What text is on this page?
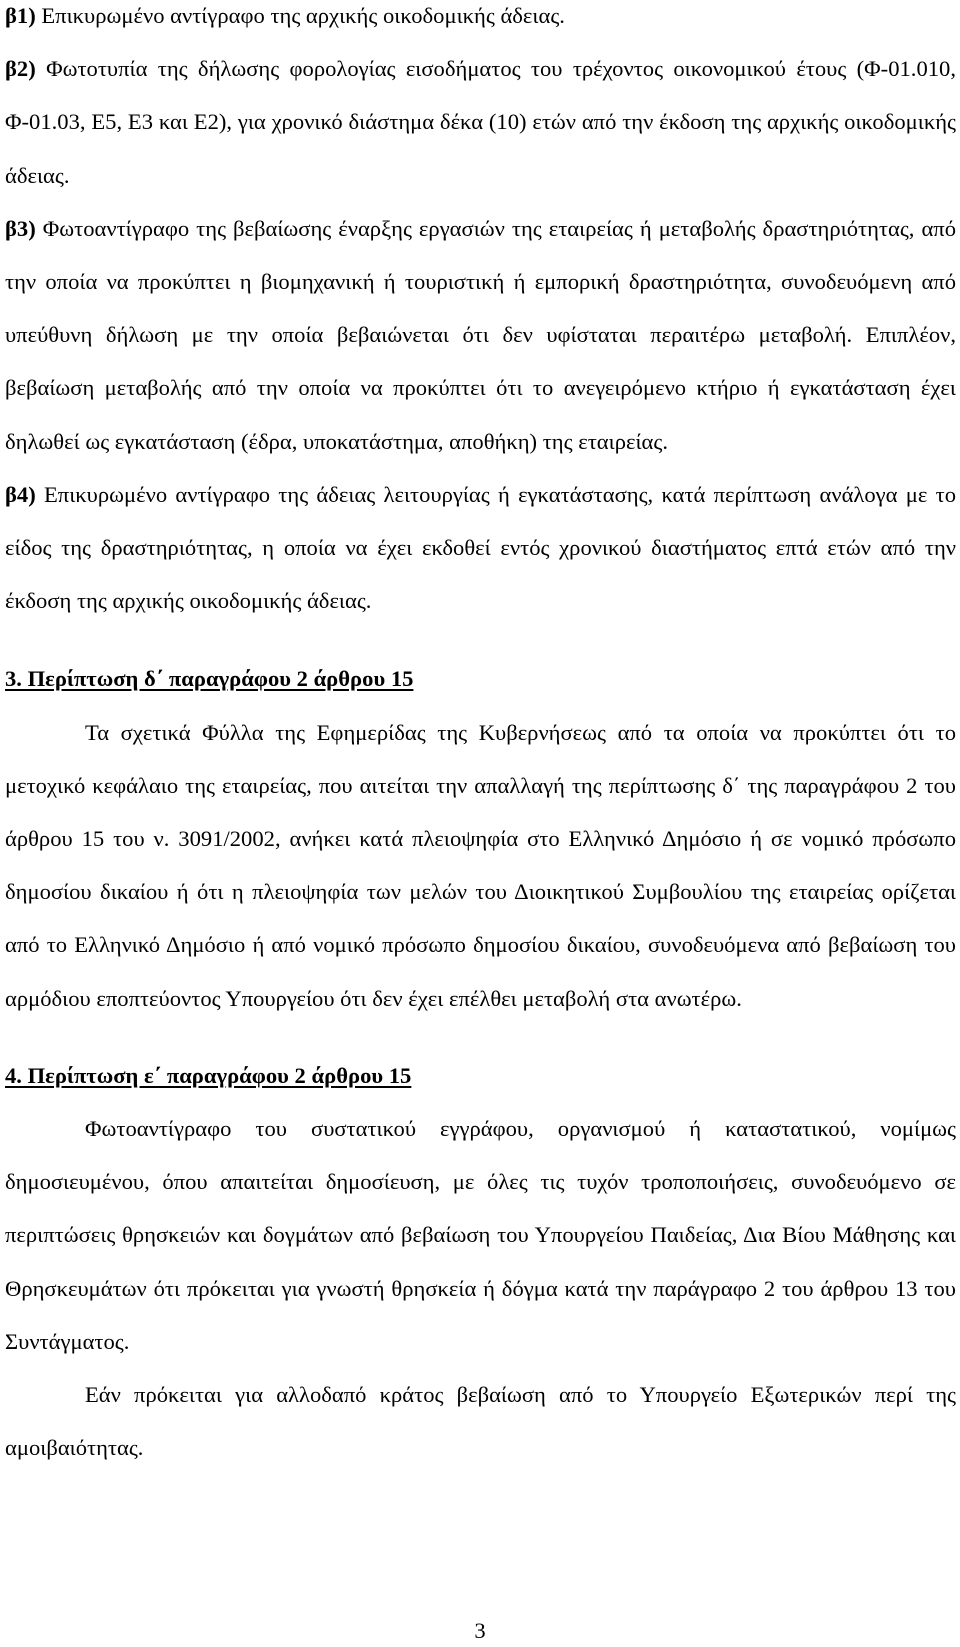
β1) Επικυρωμένο αντίγραφο της αρχικής οικοδομικής άδειας.

β2) Φωτοτυπία της δήλωσης φορολογίας εισοδήματος του τρέχοντος οικονομικού έτους (Φ-01.010, Φ-01.03, Ε5, Ε3 και Ε2), για χρονικό διάστημα δέκα (10) ετών από την έκδοση της αρχικής οικοδομικής άδειας.

β3) Φωτοαντίγραφο της βεβαίωσης έναρξης εργασιών της εταιρείας ή μεταβολής δραστηριότητας, από την οποία να προκύπτει η βιομηχανική ή τουριστική ή εμπορική δραστηριότητα, συνοδευόμενη από υπεύθυνη δήλωση με την οποία βεβαιώνεται ότι δεν υφίσταται περαιτέρω μεταβολή. Επιπλέον, βεβαίωση μεταβολής από την οποία να προκύπτει ότι το ανεγειρόμενο κτήριο ή εγκατάσταση έχει δηλωθεί ως εγκατάσταση (έδρα, υποκατάστημα, αποθήκη) της εταιρείας.

β4) Επικυρωμένο αντίγραφο της άδειας λειτουργίας ή εγκατάστασης, κατά περίπτωση ανάλογα με το είδος της δραστηριότητας, η οποία να έχει εκδοθεί εντός χρονικού διαστήματος επτά ετών από την έκδοση της αρχικής οικοδομικής άδειας.

3. Περίπτωση δ΄ παραγράφου 2 άρθρου 15

Τα σχετικά Φύλλα της Εφημερίδας της Κυβερνήσεως από τα οποία να προκύπτει ότι το μετοχικό κεφάλαιο της εταιρείας, που αιτείται την απαλλαγή της περίπτωσης δ΄ της παραγράφου 2 του άρθρου 15 του ν. 3091/2002, ανήκει κατά πλειοψηφία στο Ελληνικό Δημόσιο ή σε νομικό πρόσωπο δημοσίου δικαίου ή ότι η πλειοψηφία των μελών του Διοικητικού Συμβουλίου της εταιρείας ορίζεται από το Ελληνικό Δημόσιο ή από νομικό πρόσωπο δημοσίου δικαίου, συνοδευόμενα από βεβαίωση του αρμόδιου εποπτεύοντος Υπουργείου ότι δεν έχει επέλθει μεταβολή στα ανωτέρω.

4. Περίπτωση ε΄ παραγράφου 2 άρθρου 15

Φωτοαντίγραφο του συστατικού εγγράφου, οργανισμού ή καταστατικού, νομίμως δημοσιευμένου, όπου απαιτείται δημοσίευση, με όλες τις τυχόν τροποποιήσεις, συνοδευόμενο σε περιπτώσεις θρησκειών και δογμάτων από βεβαίωση του Υπουργείου Παιδείας, Δια Βίου Μάθησης και Θρησκευμάτων ότι πρόκειται για γνωστή θρησκεία ή δόγμα κατά την παράγραφο 2 του άρθρου 13 του Συντάγματος.

Εάν πρόκειται για αλλοδαπό κράτος βεβαίωση από το Υπουργείο Εξωτερικών περί της αμοιβαιότητας.

3
